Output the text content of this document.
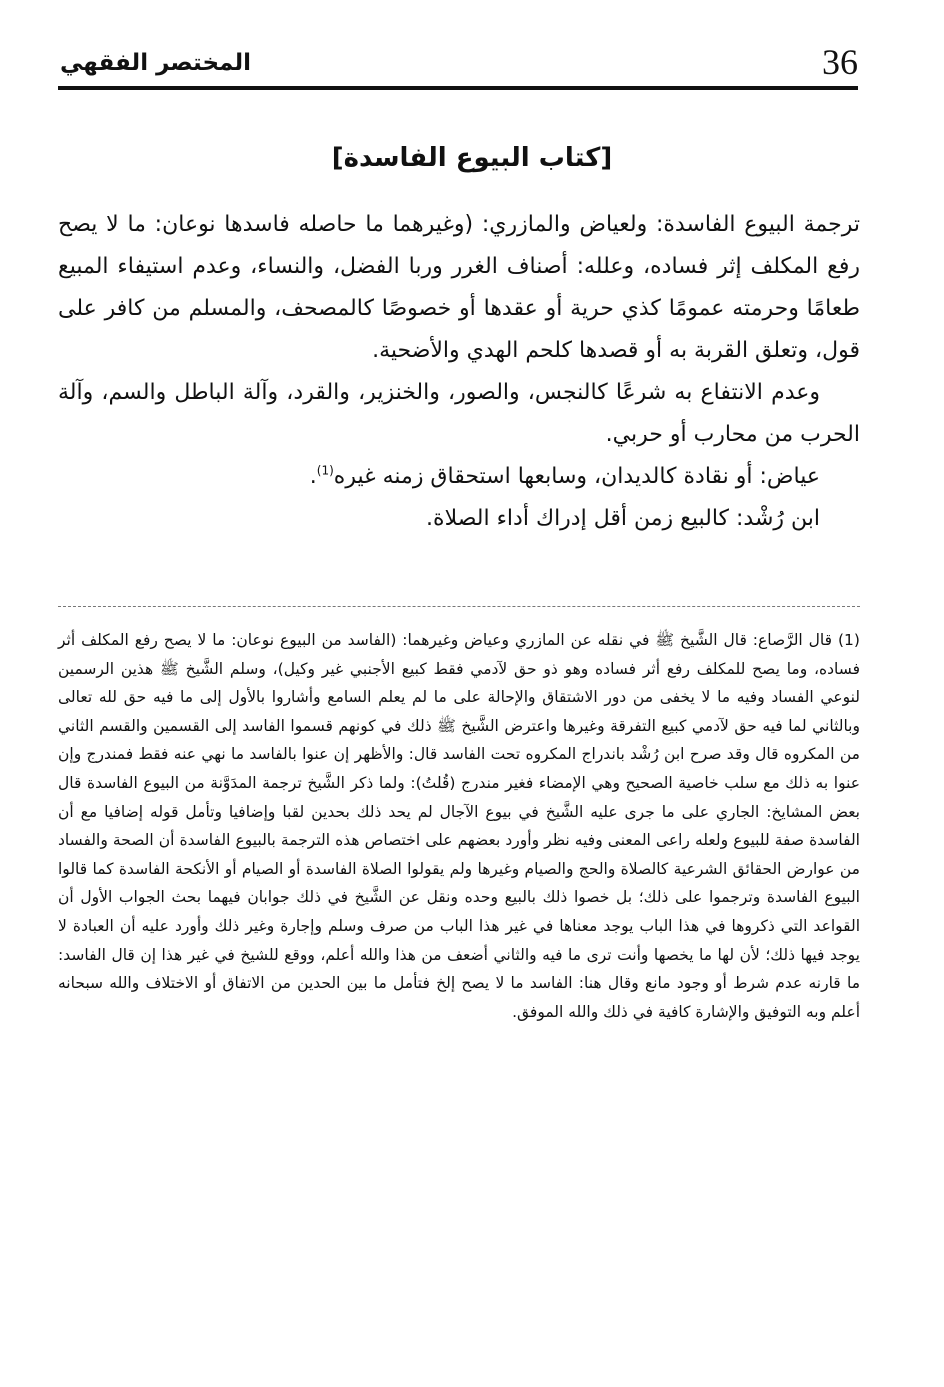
36
المختصر الفقهي
[كتاب البيوع الفاسدة]

ترجمة البيوع الفاسدة: ولعياض والمازري: (وغيرهما ما حاصله فاسدها نوعان: ما لا يصح رفع المكلف إثر فساده، وعلله: أصناف الغرر وربا الفضل، والنساء، وعدم استيفاء المبيع طعامًا وحرمته عمومًا كذي حرية أو عقدها أو خصوصًا كالمصحف، والمسلم من كافر على قول، وتعلق القربة به أو قصدها كلحم الهدي والأضحية.

وعدم الانتفاع به شرعًا كالنجس، والصور، والخنزير، والقرد، وآلة الباطل والسم، وآلة الحرب من محارب أو حربي.

عياض: أو نقادة كالديدان، وسابعها استحقاق زمنه غيره$^{(1)}$.

ابن رُشْد: كالبيع زمن أقل إدراك أداء الصلاة.

(1) قال الرَّصاع: قال الشَّيخ ﷺ في نقله عن المازري وعياض وغيرهما: (الفاسد من البيوع نوعان: ما لا يصح رفع المكلف أثر فساده، وما يصح للمكلف رفع أثر فساده وهو ذو حق لآدمي فقط كبيع الأجنبي غير وكيل)، وسلم الشَّيخ ﷺ هذين الرسمين لنوعي الفساد وفيه ما لا يخفى من دور الاشتقاق والإحالة على ما لم يعلم السامع وأشاروا بالأول إلى ما فيه حق لله تعالى وبالثاني لما فيه حق لآدمي كبيع التفرقة وغيرها واعترض الشَّيخ ﷺ ذلك في كونهم قسموا الفاسد إلى القسمين والقسم الثاني من المكروه قال وقد صرح ابن رُشْد باندراج المكروه تحت الفاسد قال: والأظهر إن عنوا بالفاسد ما نهي عنه فقط فمندرج وإن عنوا به ذلك مع سلب خاصية الصحيح وهي الإمضاء فغير مندرج (قُلتُ): ولما ذكر الشَّيخ ترجمة المدَوَّنة من البيوع الفاسدة قال بعض المشايخ: الجاري على ما جرى عليه الشَّيخ في بيوع الآجال لم يحد ذلك بحدين لقبا وإضافيا وتأمل قوله إضافيا مع أن الفاسدة صفة للبيوع ولعله راعى المعنى وفيه نظر وأورد بعضهم على اختصاص هذه الترجمة بالبيوع الفاسدة أن الصحة والفساد من عوارض الحقائق الشرعية كالصلاة والحج والصيام وغيرها ولم يقولوا الصلاة الفاسدة أو الصيام أو الأنكحة الفاسدة كما قالوا البيوع الفاسدة وترجموا على ذلك؛ بل خصوا ذلك بالبيع وحده ونقل عن الشَّيخ في ذلك جوابان فيهما بحث الجواب الأول أن القواعد التي ذكروها في هذا الباب يوجد معناها في غير هذا الباب من صرف وسلم وإجارة وغير ذلك وأورد عليه أن العبادة لا يوجد فيها ذلك؛ لأن لها ما يخصها وأنت ترى ما فيه والثاني أضعف من هذا والله أعلم، ووقع للشيخ في غير هذا إن قال الفاسد: ما قارنه عدم شرط أو وجود مانع وقال هنا: الفاسد ما لا يصح إلخ فتأمل ما بين الحدين من الاتفاق أو الاختلاف والله سبحانه أعلم وبه التوفيق والإشارة كافية في ذلك والله الموفق.
